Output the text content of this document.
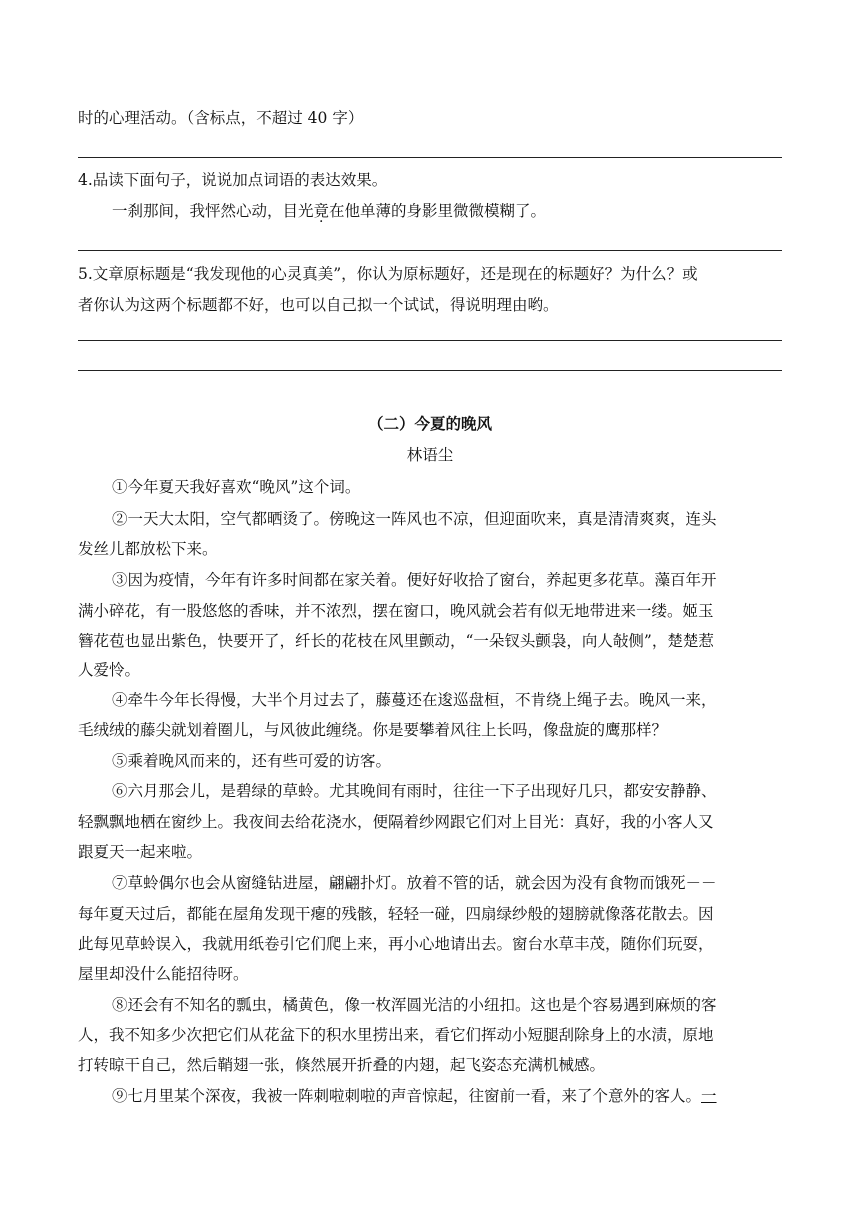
时的心理活动。（含标点，不超过 40 字）
4.品读下面句子，说说加点词语的表达效果。
一刹那间，我怦然心动，目光竟在他单薄的身影里微微模糊了。
5.文章原标题是“我发现他的心灵真美”，你认为原标题好，还是现在的标题好？为什么？或
者你认为这两个标题都不好，也可以自己拟一个试试，得说明理由哟。
（二）今夏的晚风
林语尘
①今年夏天我好喜欢“晚风”这个词。
②一天大太阳，空气都晒烫了。傍晚这一阵风也不凉，但迎面吹来，真是清清爽爽，连头
发丝儿都放松下来。
③因为疫情，今年有许多时间都在家关着。便好好收拾了窗台，养起更多花草。藻百年开
满小碎花，有一股悠悠的香味，并不浓烈，摆在窗口，晚风就会若有似无地带进来一缕。姬玉
簪花苞也显出紫色，快要开了，纤长的花枝在风里颤动，“一朵钗头颤袅，向人敧侧”，楚楚惹
人爱怜。
④牵牛今年长得慢，大半个月过去了，藤蔓还在逡巡盘桓，不肯绕上绳子去。晚风一来，
毛绒绒的藤尖就划着圈儿，与风彼此缠绕。你是要攀着风往上长吗，像盘旋的鹰那样？
⑤乘着晚风而来的，还有些可爱的访客。
⑥六月那会儿，是碧绿的草蛉。尤其晚间有雨时，往往一下子出现好几只，都安安静静、
轻飘飘地栖在窗纱上。我夜间去给花浇水，便隔着纱网跟它们对上目光：真好，我的小客人又
跟夏天一起来啦。
⑦草蛉偶尔也会从窗缝钻进屋，翩翩扑灯。放着不管的话，就会因为没有食物而饿死－－
每年夏天过后，都能在屋角发现干瘪的残骸，轻轻一碰，四扇绿纱般的翅膀就像落花散去。因
此每见草蛉误入，我就用纸卷引它们爬上来，再小心地请出去。窗台水草丰茂，随你们玩耍，
屋里却没什么能招待呀。
⑧还会有不知名的瓢虫，橘黄色，像一枚浑圆光洁的小纽扣。这也是个容易遇到麻烦的客
人，我不知多少次把它们从花盆下的积水里捞出来，看它们挥动小短腿刮除身上的水渍，原地
打转晾干自己，然后鞘翅一张，倏然展开折叠的内翅，起飞姿态充满机械感。
⑨七月里某个深夜，我被一阵刺啦刺啦的声音惊起，往窗前一看，来了个意外的客人。一
